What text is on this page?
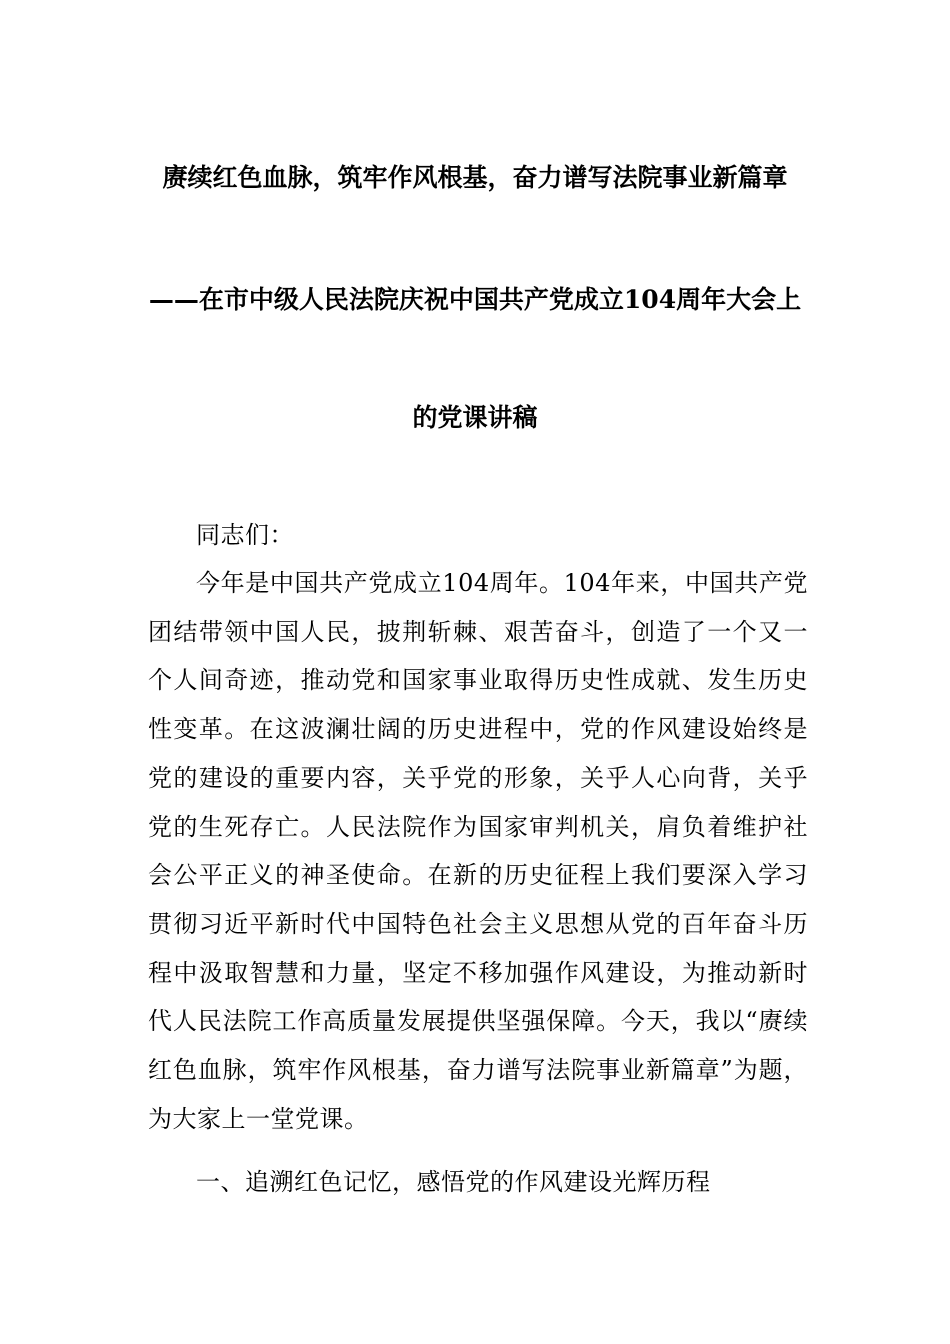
赓续红色血脉，筑牢作风根基，奋力谱写法院事业新篇章
——在市中级人民法院庆祝中国共产党成立104周年大会上
的党课讲稿

同志们：

今年是中国共产党成立104周年。104年来，中国共产党团结带领中国人民，披荆斩棘、艰苦奋斗，创造了一个又一个人间奇迹，推动党和国家事业取得历史性成就、发生历史性变革。在这波澜壮阔的历史进程中，党的作风建设始终是党的建设的重要内容，关乎党的形象，关乎人心向背，关乎党的生死存亡。人民法院作为国家审判机关，肩负着维护社会公平正义的神圣使命。在新的历史征程上我们要深入学习贯彻习近平新时代中国特色社会主义思想从党的百年奋斗历程中汲取智慧和力量，坚定不移加强作风建设，为推动新时代人民法院工作高质量发展提供坚强保障。今天，我以“赓续红色血脉，筑牢作风根基，奋力谱写法院事业新篇章”为题，为大家上一堂党课。

一、追溯红色记忆，感悟党的作风建设光辉历程
